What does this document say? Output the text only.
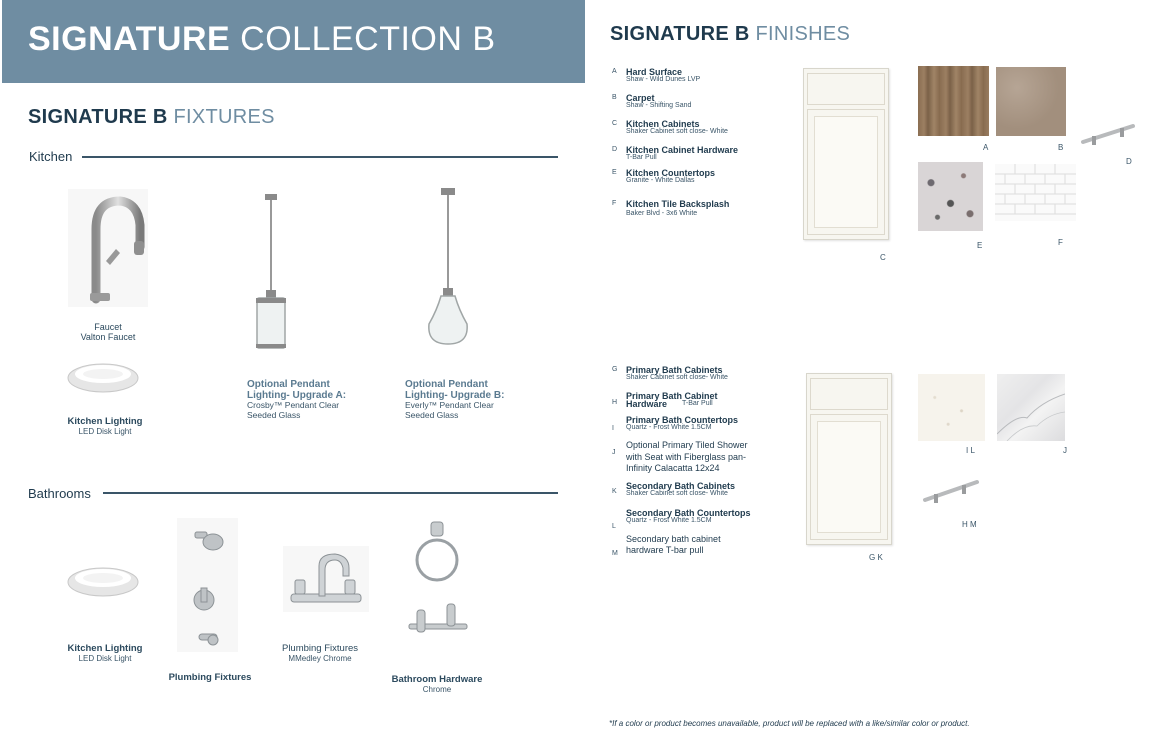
SIGNATURE COLLECTION B
SIGNATURE B FIXTURES
Kitchen
Faucet
Valton Faucet
Kitchen Lighting
LED Disk Light
Optional Pendant
Lighting- Upgrade A:
Crosby™ Pendant Clear
Seeded Glass
Optional Pendant
Lighting- Upgrade B:
Everly™ Pendant Clear
Seeded Glass
Bathrooms
Kitchen Lighting
LED Disk Light
Plumbing Fixtures
Plumbing Fixtures
MMedley Chrome
Bathroom Hardware
Chrome
SIGNATURE B FINISHES
A Hard Surface
Shaw - Wild Dunes LVP
B Carpet
Shaw - Shifting Sand
C Kitchen Cabinets
Shaker Cabinet soft close- White
D Kitchen Cabinet Hardware
T-Bar Pull
E Kitchen Countertops
Granite - White Dallas
F Kitchen Tile Backsplash
Baker Blvd - 3x6 White
C
A	B
D
E	F
G Primary Bath Cabinets
Shaker Cabinet soft close- White
H
Primary Bath Cabinet
Hardware T-Bar Pull
I
Primary Bath Countertops
Quartz - Frost White 1.5CM
J
Optional Primary Tiled Shower with Seat with Fiberglass pan- Infinity Calacatta 12x24
K
Secondary Bath Cabinets
Shaker Cabinet soft close- White
L
Secondary Bath Countertops
Quartz - Frost White 1.5CM
M
Secondary bath cabinet hardware T-bar pull
G K
I L	J
H M
*If a color or product becomes unavailable, product will be replaced with a like/similar color or product.
